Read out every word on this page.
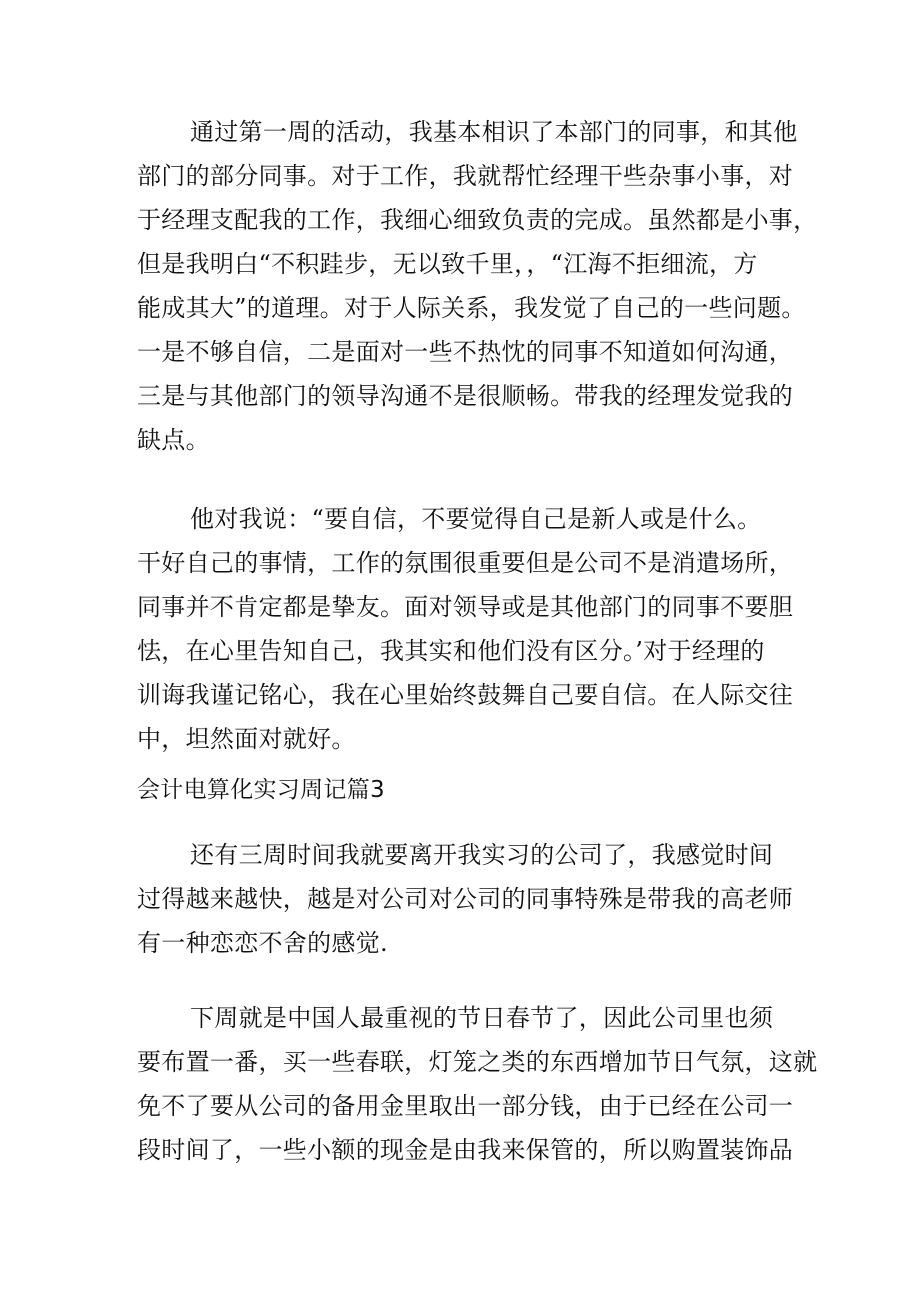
通过第一周的活动，我基本相识了本部门的同事，和其他
部门的部分同事。对于工作，我就帮忙经理干些杂事小事，对
于经理支配我的工作，我细心细致负责的完成。虽然都是小事，
但是我明白“不积跬步，无以致千里，，“江海不拒细流，方
能成其大”的道理。对于人际关系，我发觉了自己的一些问题。
一是不够自信，二是面对一些不热忱的同事不知道如何沟通，
三是与其他部门的领导沟通不是很顺畅。带我的经理发觉我的
缺点。
他对我说：“要自信，不要觉得自己是新人或是什么。
干好自己的事情，工作的氛围很重要但是公司不是消遣场所，
同事并不肯定都是挚友。面对领导或是其他部门的同事不要胆
怯，在心里告知自己，我其实和他们没有区分。’对于经理的
训诲我谨记铭心，我在心里始终鼓舞自己要自信。在人际交往
中，坦然面对就好。
会计电算化实习周记篇3
还有三周时间我就要离开我实习的公司了，我感觉时间
过得越来越快，越是对公司对公司的同事特殊是带我的高老师
有一种恋恋不舍的感觉.
下周就是中国人最重视的节日春节了，因此公司里也须
要布置一番，买一些春联，灯笼之类的东西增加节日气氛，这就
免不了要从公司的备用金里取出一部分钱，由于已经在公司一
段时间了，一些小额的现金是由我来保管的，所以购置装饰品
